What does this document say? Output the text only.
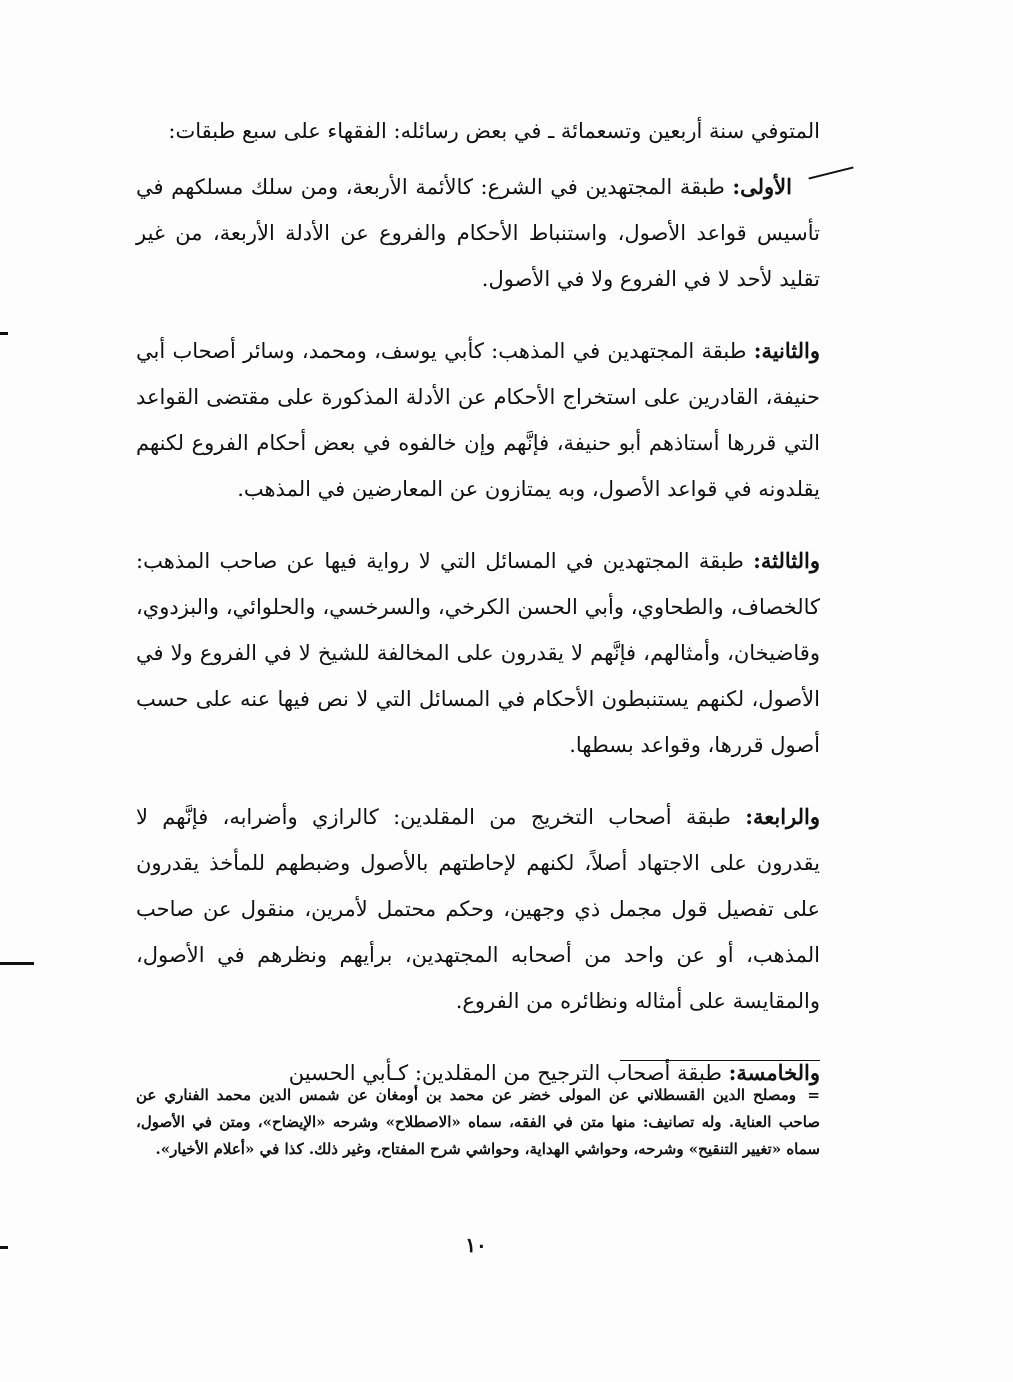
المتوفي سنة أربعين وتسعمائة ـ في بعض رسائله: الفقهاء على سبع طبقات:

الأولى: طبقة المجتهدين في الشرع: كالأئمة الأربعة، ومن سلك مسلكهم في تأسيس قواعد الأصول، واستنباط الأحكام والفروع عن الأدلة الأربعة، من غير تقليد لأحد لا في الفروع ولا في الأصول.

والثانية: طبقة المجتهدين في المذهب: كأبي يوسف، ومحمد، وسائر أصحاب أبي حنيفة، القادرين على استخراج الأحكام عن الأدلة المذكورة على مقتضى القواعد التي قررها أستاذهم أبو حنيفة، فإنَّهم وإن خالفوه في بعض أحكام الفروع لكنهم يقلدونه في قواعد الأصول، وبه يمتازون عن المعارضين في المذهب.

والثالثة: طبقة المجتهدين في المسائل التي لا رواية فيها عن صاحب المذهب: كالخصاف، والطحاوي، وأبي الحسن الكرخي، والسرخسي، والحلوائي، والبزدوي، وقاضيخان، وأمثالهم، فإنَّهم لا يقدرون على المخالفة للشيخ لا في الفروع ولا في الأصول، لكنهم يستنبطون الأحكام في المسائل التي لا نص فيها عنه على حسب أصول قررها، وقواعد بسطها.

والرابعة: طبقة أصحاب التخريج من المقلدين: كالرازي وأضرابه، فإنَّهم لا يقدرون على الاجتهاد أصلاً، لكنهم لإحاطتهم بالأصول وضبطهم للمأخذ يقدرون على تفصيل قول مجمل ذي وجهين، وحكم محتمل لأمرين، منقول عن صاحب المذهب، أو عن واحد من أصحابه المجتهدين، برأيهم ونظرهم في الأصول، والمقايسة على أمثاله ونظائره من الفروع.

والخامسة: طبقة أصحاب الترجيح من المقلدين: كـأبي الحسين

=ومصلح الدين القسطلاني عن المولى خضر عن محمد بن أومغان عن شمس الدين محمد الفناري عن صاحب العناية. وله تصانيف: منها متن في الفقه، سماه «الاصطلاح» وشرحه «الإيضاح»، ومتن في الأصول، سماه «تغيير التنقيح» وشرحه، وحواشي الهداية، وحواشي شرح المفتاح، وغير ذلك. كذا في «أعلام الأخيار».
١٠
